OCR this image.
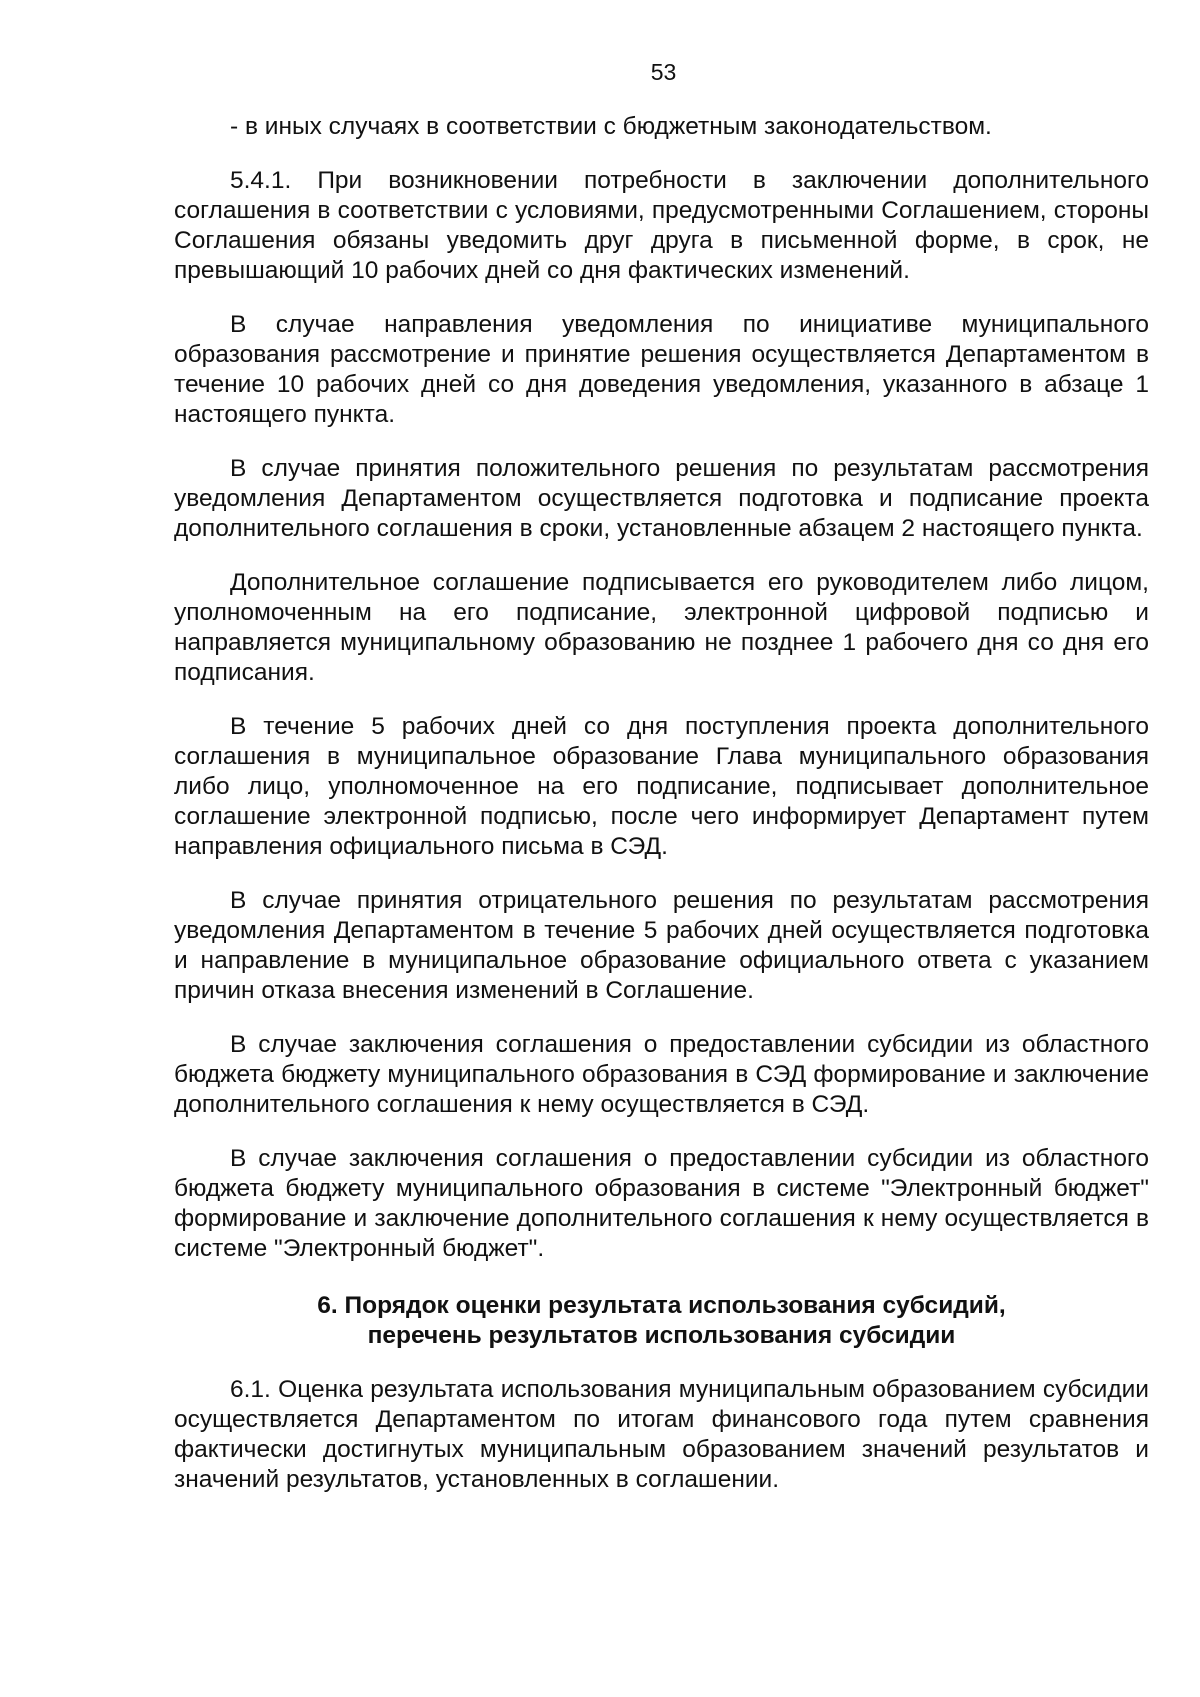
53

- в иных случаях в соответствии с бюджетным законодательством.

5.4.1. При возникновении потребности в заключении дополнительного соглашения в соответствии с условиями, предусмотренными Соглашением, стороны Соглашения обязаны уведомить друг друга в письменной форме, в срок, не превышающий 10 рабочих дней со дня фактических изменений.

В случае направления уведомления по инициативе муниципального образования рассмотрение и принятие решения осуществляется Департаментом в течение 10 рабочих дней со дня доведения уведомления, указанного в абзаце 1 настоящего пункта.

В случае принятия положительного решения по результатам рассмотрения уведомления Департаментом осуществляется подготовка и подписание проекта дополнительного соглашения в сроки, установленные абзацем 2 настоящего пункта.

Дополнительное соглашение подписывается его руководителем либо лицом, уполномоченным на его подписание, электронной цифровой подписью и направляется муниципальному образованию не позднее 1 рабочего дня со дня его подписания.

В течение 5 рабочих дней со дня поступления проекта дополнительного соглашения в муниципальное образование Глава муниципального образования либо лицо, уполномоченное на его подписание, подписывает дополнительное соглашение электронной подписью, после чего информирует Департамент путем направления официального письма в СЭД.

В случае принятия отрицательного решения по результатам рассмотрения уведомления Департаментом в течение 5 рабочих дней осуществляется подготовка и направление в муниципальное образование официального ответа с указанием причин отказа внесения изменений в Соглашение.

В случае заключения соглашения о предоставлении субсидии из областного бюджета бюджету муниципального образования в СЭД формирование и заключение дополнительного соглашения к нему осуществляется в СЭД.

В случае заключения соглашения о предоставлении субсидии из областного бюджета бюджету муниципального образования в системе "Электронный бюджет" формирование и заключение дополнительного соглашения к нему осуществляется в системе "Электронный бюджет".

6. Порядок оценки результата использования субсидий,
перечень результатов использования субсидии

6.1. Оценка результата использования муниципальным образованием субсидии осуществляется Департаментом по итогам финансового года путем сравнения фактически достигнутых муниципальным образованием значений результатов и значений результатов, установленных в соглашении.
